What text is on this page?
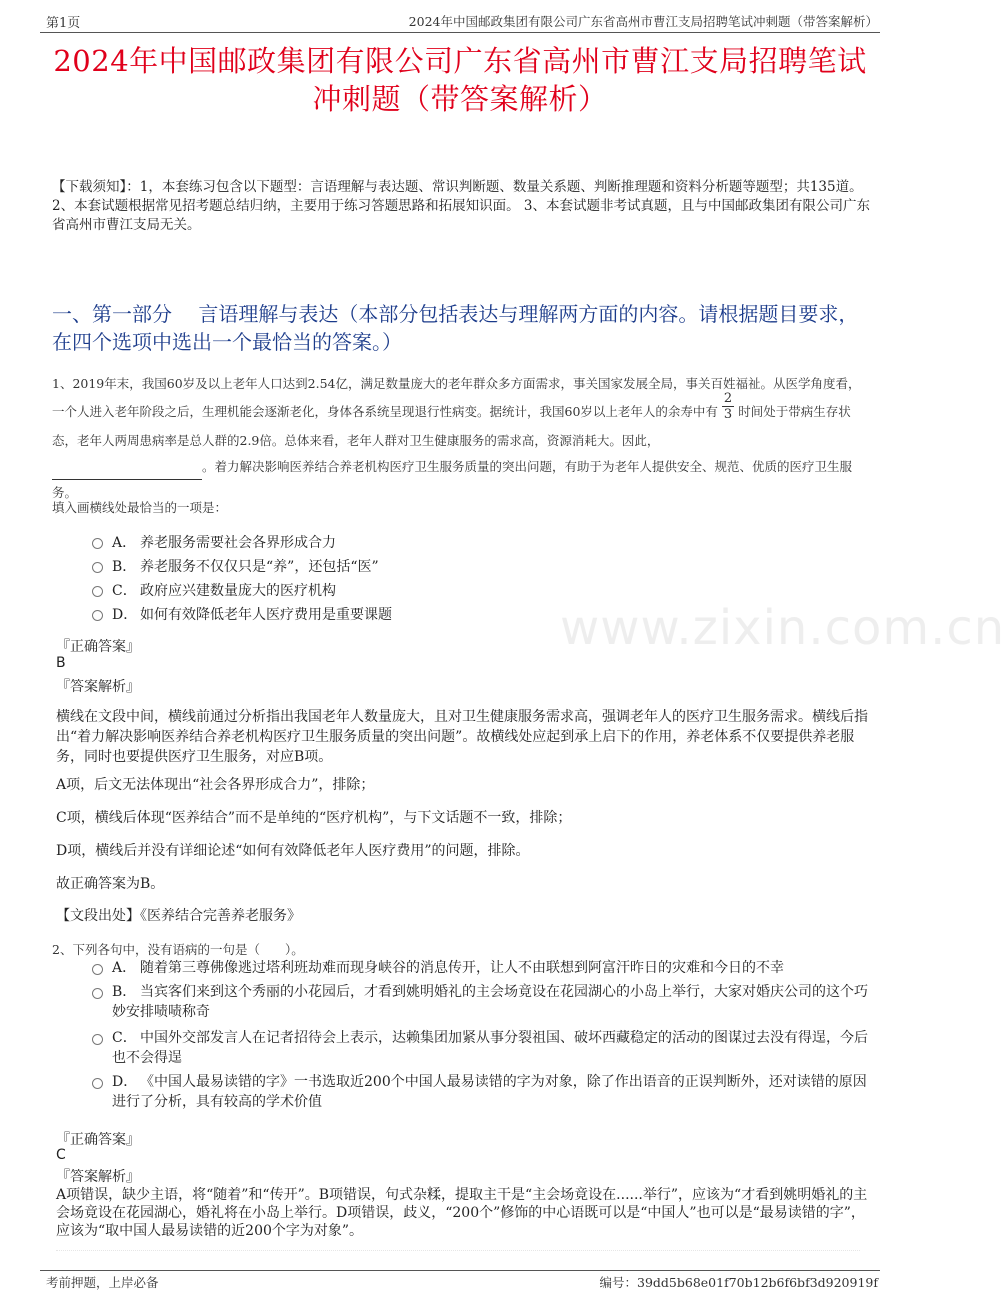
第1页	2024年中国邮政集团有限公司广东省高州市曹江支局招聘笔试冲刺题（带答案解析）
2024年中国邮政集团有限公司广东省高州市曹江支局招聘笔试
冲刺题（带答案解析）
www.zixin.com.cn
【下载须知】：1，本套练习包含以下题型：言语理解与表达题、常识判断题、数量关系题、判断推理题和资料分析题等题型；共135道。 2、本套试题根据常见招考题总结归纳，主要用于练习答题思路和拓展知识面。 3、本套试题非考试真题，且与中国邮政集团有限公司广东省高州市曹江支局无关。
一、第一部分　 言语理解与表达（本部分包括表达与理解两方面的内容。请根据题目要求，在四个选项中选出一个最恰当的答案。）
1、2019年末，我国60岁及以上老年人口达到2.54亿，满足数量庞大的老年群众多方面需求，事关国家发展全局，事关百姓福祉。从医学角度看，一个人进入老年阶段之后，生理机能会逐渐老化，身体各系统呈现退行性病变。据统计，我国60岁以上老年人的余寿中有 $\frac{2}{3}$ 时间处于带病生存状态，老年人两周患病率是总人群的2.9倍。总体来看，老年人群对卫生健康服务的需求高，资源消耗大。因此，
。着力解决影响医养结合养老机构医疗卫生服务质量的突出问题，有助于为老年人提供安全、规范、优质的医疗卫生服务。
填入画横线处最恰当的一项是：
A． 养老服务需要社会各界形成合力
B． 养老服务不仅仅只是“养”，还包括“医”
C． 政府应兴建数量庞大的医疗机构
D． 如何有效降低老年人医疗费用是重要课题
『正确答案』
B
『答案解析』
横线在文段中间，横线前通过分析指出我国老年人数量庞大，且对卫生健康服务需求高，强调老年人的医疗卫生服务需求。横线后指出“着力解决影响医养结合养老机构医疗卫生服务质量的突出问题”。故横线处应起到承上启下的作用，养老体系不仅要提供养老服务，同时也要提供医疗卫生服务，对应B项。
A项，后文无法体现出“社会各界形成合力”，排除；
C项，横线后体现“医养结合”而不是单纯的“医疗机构”，与下文话题不一致，排除；
D项，横线后并没有详细论述“如何有效降低老年人医疗费用”的问题，排除。
故正确答案为B。
【文段出处】《医养结合完善养老服务》
2、下列各句中，没有语病的一句是（　　）。
A． 随着第三尊佛像逃过塔利班劫难而现身峡谷的消息传开，让人不由联想到阿富汗昨日的灾难和今日的不幸
B． 当宾客们来到这个秀丽的小花园后，才看到姚明婚礼的主会场竟设在花园湖心的小岛上举行，大家对婚庆公司的这个巧妙安排啧啧称奇
C． 中国外交部发言人在记者招待会上表示，达赖集团加紧从事分裂祖国、破坏西藏稳定的活动的图谋过去没有得逞，今后也不会得逞
D． 《中国人最易读错的字》一书选取近200个中国人最易读错的字为对象，除了作出语音的正误判断外，还对读错的原因进行了分析，具有较高的学术价值
『正确答案』
C
『答案解析』
A项错误，缺少主语，将“随着”和“传开”。B项错误，句式杂糅，提取主干是“主会场竟设在......举行”，应该为“才看到姚明婚礼的主会场竟设在花园湖心，婚礼将在小岛上举行。D项错误，歧义，“200个”修饰的中心语既可以是“中国人”也可以是“最易读错的字”，应该为“取中国人最易读错的近200个字为对象”。
考前押题，上岸必备	编号：39dd5b68e01f70b12b6f6bf3d920919f
